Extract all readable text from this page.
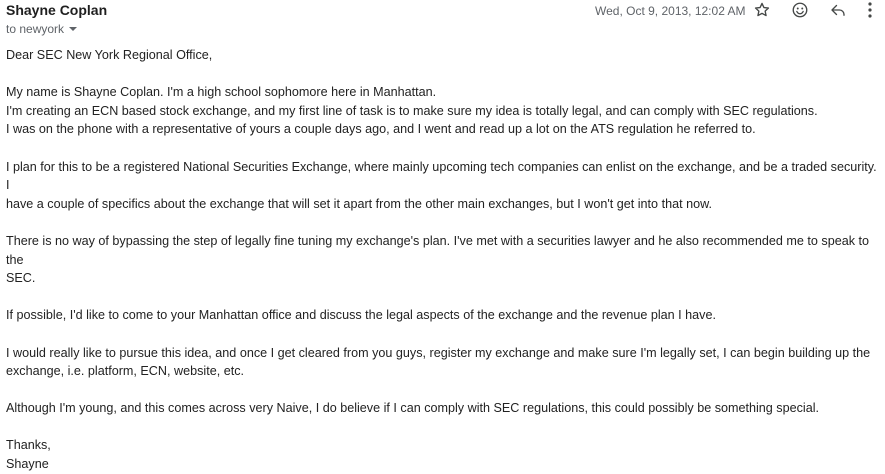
Shayne Coplan
to newyork
Wed, Oct 9, 2013, 12:02 AM

Dear SEC New York Regional Office,

My name is Shayne Coplan. I'm a high school sophomore here in Manhattan.

I'm creating an ECN based stock exchange, and my first line of task is to make sure my idea is totally legal, and can comply with SEC regulations.

I was on the phone with a representative of yours a couple days ago, and I went and read up a lot on the ATS regulation he referred to.

I plan for this to be a registered National Securities Exchange, where mainly upcoming tech companies can enlist on the exchange, and be a traded security. I

have a couple of specifics about the exchange that will set it apart from the other main exchanges, but I won't get into that now.

There is no way of bypassing the step of legally fine tuning my exchange's plan. I've met with a securities lawyer and he also recommended me to speak to the

SEC.

If possible, I'd like to come to your Manhattan office and discuss the legal aspects of the exchange and the revenue plan I have.

I would really like to pursue this idea, and once I get cleared from you guys, register my exchange and make sure I'm legally set, I can begin building up the

exchange, i.e. platform, ECN, website, etc.

Although I'm young, and this comes across very Naive, I do believe if I can comply with SEC regulations, this could possibly be something special.

Thanks,

Shayne
